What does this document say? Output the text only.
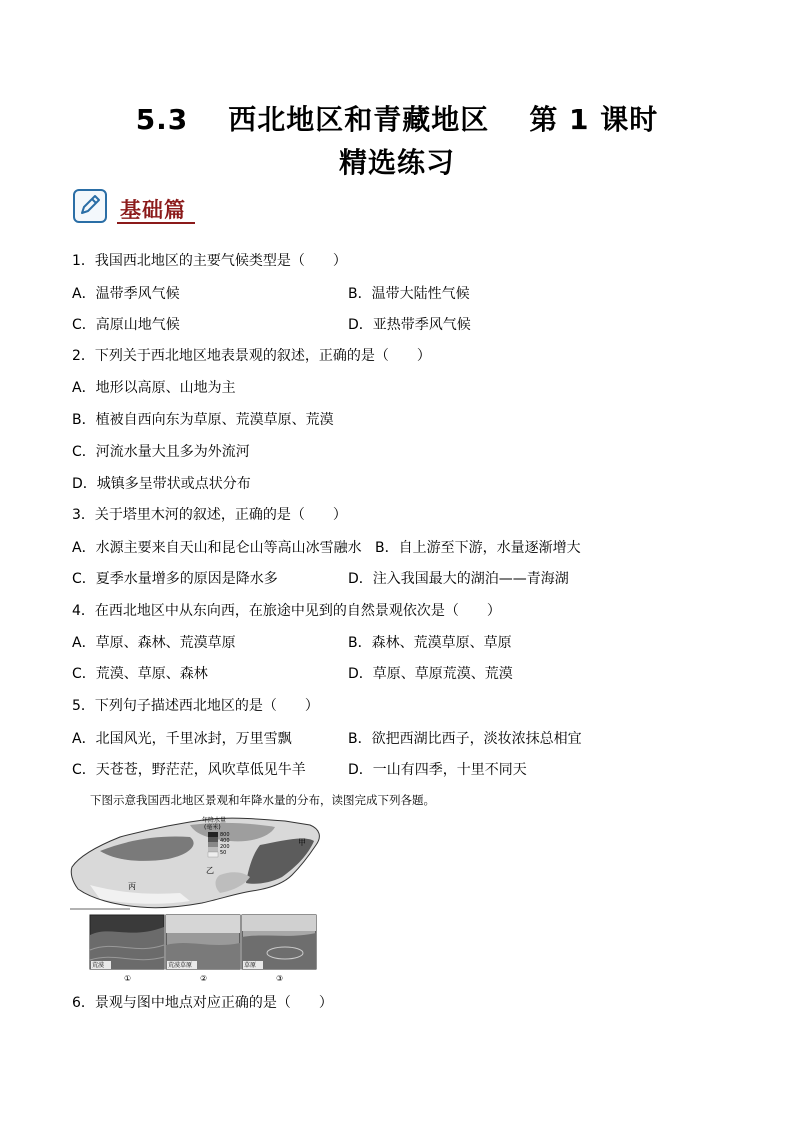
5.3 西北地区和青藏地区 第 1 课时
精选练习
基础篇
1．我国西北地区的主要气候类型是（　　）
A．温带季风气候	B．温带大陆性气候
C．高原山地气候	D．亚热带季风气候
2．下列关于西北地区地表景观的叙述，正确的是（　　）
A．地形以高原、山地为主
B．植被自西向东为草原、荒漠草原、荒漠
C．河流水量大且多为外流河
D．城镇多呈带状或点状分布
3．关于塔里木河的叙述，正确的是（　　）
A．水源主要来自天山和昆仑山等高山冰雪融水 B．自上游至下游，水量逐渐增大
C．夏季水量增多的原因是降水多	D．注入我国最大的湖泊——青海湖
4．在西北地区中从东向西，在旅途中见到的自然景观依次是（　　）
A．草原、森林、荒漠草原	B．森林、荒漠草原、草原
C．荒漠、草原、森林	D．草原、草原荒漠、荒漠
5．下列句子描述西北地区的是（　　）
A．北国风光，千里冰封，万里雪飘	B．欲把西湖比西子，淡妆浓抹总相宜
C．天苍苍，野茫茫，风吹草低见牛羊	D．一山有四季，十里不同天
下图示意我国西北地区景观和年降水量的分布，读图完成下列各题。
甲
乙
丙
年降水量
(毫米)
800
400
200
50
荒漠	荒漠草原	草原
①	②	③
6．景观与图中地点对应正确的是（　　）
